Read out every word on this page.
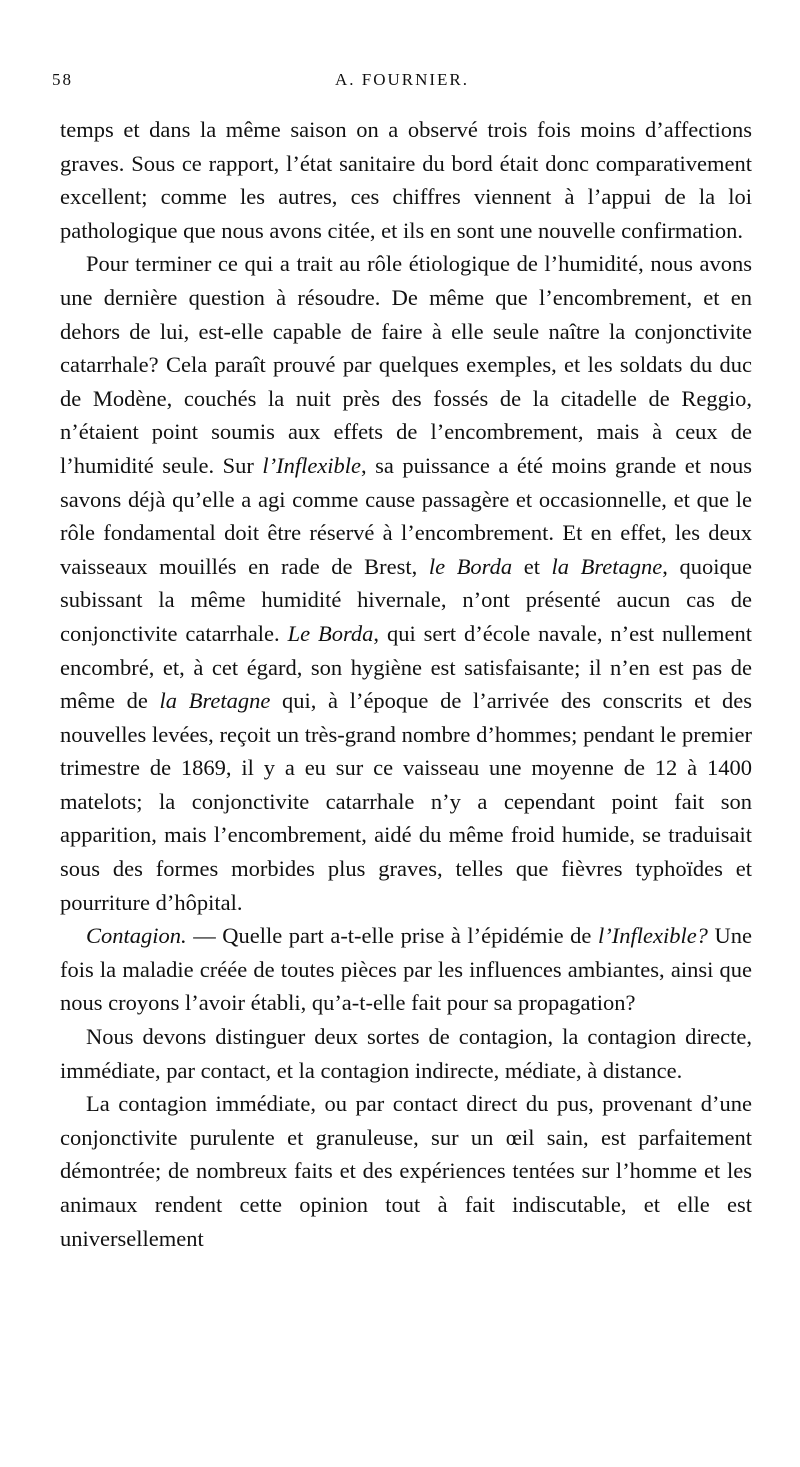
58	A. FOURNIER.

temps et dans la même saison on a observé trois fois moins d’affections graves. Sous ce rapport, l’état sanitaire du bord était donc comparativement excellent; comme les autres, ces chiffres viennent à l’appui de la loi pathologique que nous avons citée, et ils en sont une nouvelle confirmation.

Pour terminer ce qui a trait au rôle étiologique de l’humidité, nous avons une dernière question à résoudre. De même que l’encombrement, et en dehors de lui, est-elle capable de faire à elle seule naître la conjonctivite catarrhale? Cela paraît prouvé par quelques exemples, et les soldats du duc de Modène, couchés la nuit près des fossés de la citadelle de Reggio, n’étaient point soumis aux effets de l’encombrement, mais à ceux de l’humidité seule. Sur l’Inflexible, sa puissance a été moins grande et nous savons déjà qu’elle a agi comme cause passagère et occasionnelle, et que le rôle fondamental doit être réservé à l’encombrement. Et en effet, les deux vaisseaux mouillés en rade de Brest, le Borda et la Bretagne, quoique subissant la même humidité hivernale, n’ont présenté aucun cas de conjonctivite catarrhale. Le Borda, qui sert d’école navale, n’est nullement encombré, et, à cet égard, son hygiène est satisfaisante; il n’en est pas de même de la Bretagne qui, à l’époque de l’arrivée des conscrits et des nouvelles levées, reçoit un très-grand nombre d’hommes; pendant le premier trimestre de 1869, il y a eu sur ce vaisseau une moyenne de 12 à 1400 matelots; la conjonctivite catarrhale n’y a cependant point fait son apparition, mais l’encombrement, aidé du même froid humide, se traduisait sous des formes morbides plus graves, telles que fièvres typhoïdes et pourriture d’hôpital.

Contagion. — Quelle part a-t-elle prise à l’épidémie de l’Inflexible? Une fois la maladie créée de toutes pièces par les influences ambiantes, ainsi que nous croyons l’avoir établi, qu’a-t-elle fait pour sa propagation?

Nous devons distinguer deux sortes de contagion, la contagion directe, immédiate, par contact, et la contagion indirecte, médiate, à distance.

La contagion immédiate, ou par contact direct du pus, provenant d’une conjonctivite purulente et granuleuse, sur un œil sain, est parfaitement démontrée; de nombreux faits et des expériences tentées sur l’homme et les animaux rendent cette opinion tout à fait indiscutable, et elle est universellement
